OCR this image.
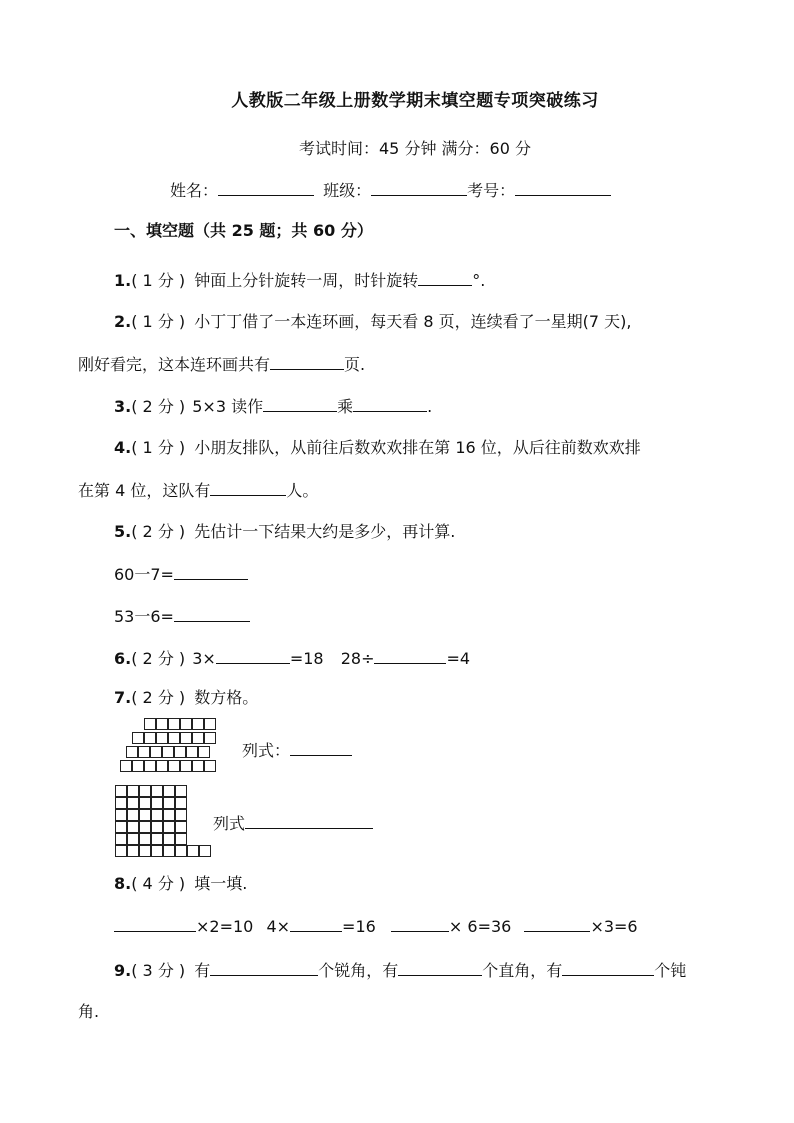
人教版二年级上册数学期末填空题专项突破练习
考试时间：45 分钟 满分：60 分
姓名：	班级：	考号：
一、填空题（共 25 题；共 60 分）
1.( 1 分 ) 钟面上分针旋转一周，时针旋转	°.
2.( 1 分 ) 小丁丁借了一本连环画，每天看 8 页，连续看了一星期(7 天),
刚好看完，这本连环画共有	页.
3.( 2 分 ) 5×3 读作	乘	.
4.( 1 分 ) 小朋友排队，从前往后数欢欢排在第 16 位，从后往前数欢欢排
在第 4 位，这队有	人。
5.( 2 分 ) 先估计一下结果大约是多少，再计算.
60一7=
53一6=
6.( 2 分 ) 3×	=18 28÷	=4
7.( 2 分 ) 数方格。
列式：
列式
8.( 4 分 ) 填一填.
×2=10 4×	=16	× 6=36	×3=6
9.( 3 分 ) 有	个锐角，有	个直角，有	个钝
角.
